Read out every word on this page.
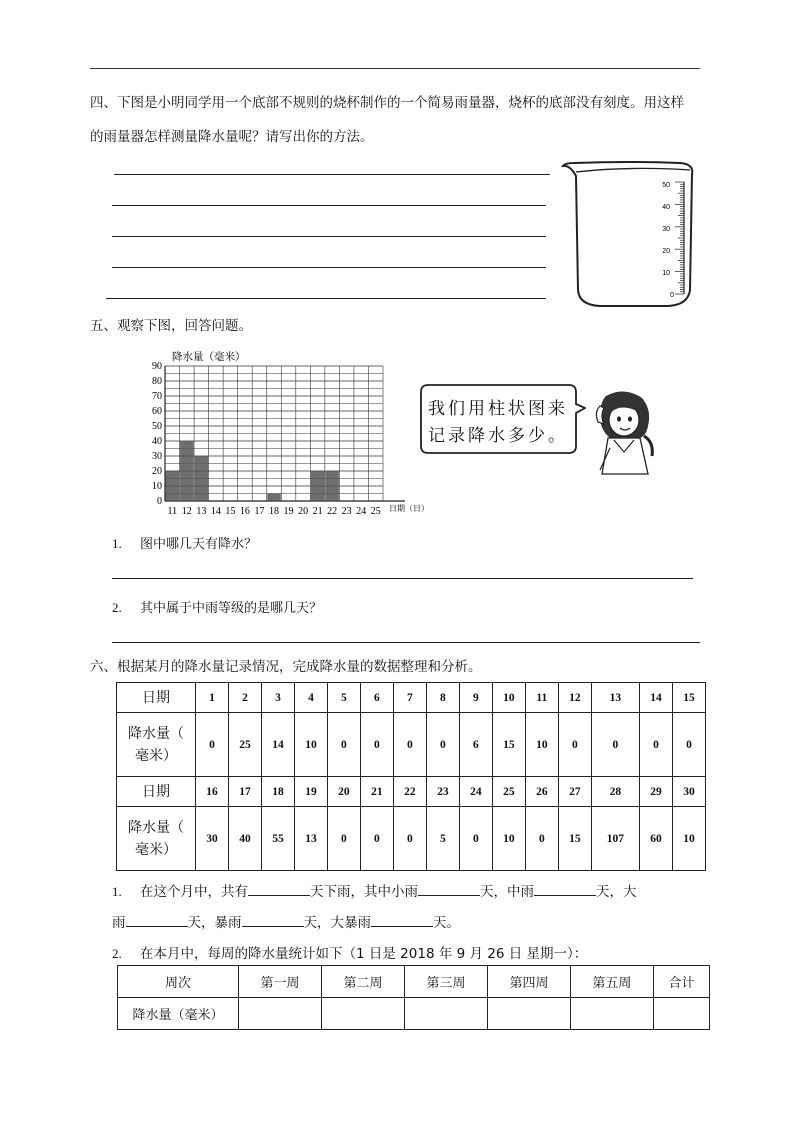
四、下图是小明同学用一个底部不规则的烧杯制作的一个简易雨量器，烧杯的底部没有刻度。用这样
的雨量器怎样测量降水量呢？请写出你的方法。
50
40
30
20
10
0
五、观察下图，回答问题。
降水量（毫米）
0
10
20
30
40
50
60
70
80
90
11 12 13 14 15 16 17 18 19 20 21 22 23 24 25 日期（日）
我们用柱状图来
记录降水多少。
1. 图中哪几天有降水？
2. 其中属于中雨等级的是哪几天？
六、根据某月的降水量记录情况，完成降水量的数据整理和分析。
日期	1	2	3	4	5	6	7	8	9	10	11	12	13	14	15

降水量（
毫米）	0	25	14	10	0	0	0	0	6	15	10	0	0	0	0
日期	16	17	18	19	20	21	22	23	24	25	26	27	28	29	30

降水量（
毫米）	30	40	55	13	0	0	0	5	0	10	0	15	107	60	10
1. 在这个月中，共有	天下雨，其中小雨	天，中雨	天，大
雨	天，暴雨	天，大暴雨	天。
2. 在本月中，每周的降水量统计如下（1 日是 2018 年 9 月 26 日 星期一）：
周次	第一周	第二周	第三周	第四周	第五周	合计
降水量（毫米）						
